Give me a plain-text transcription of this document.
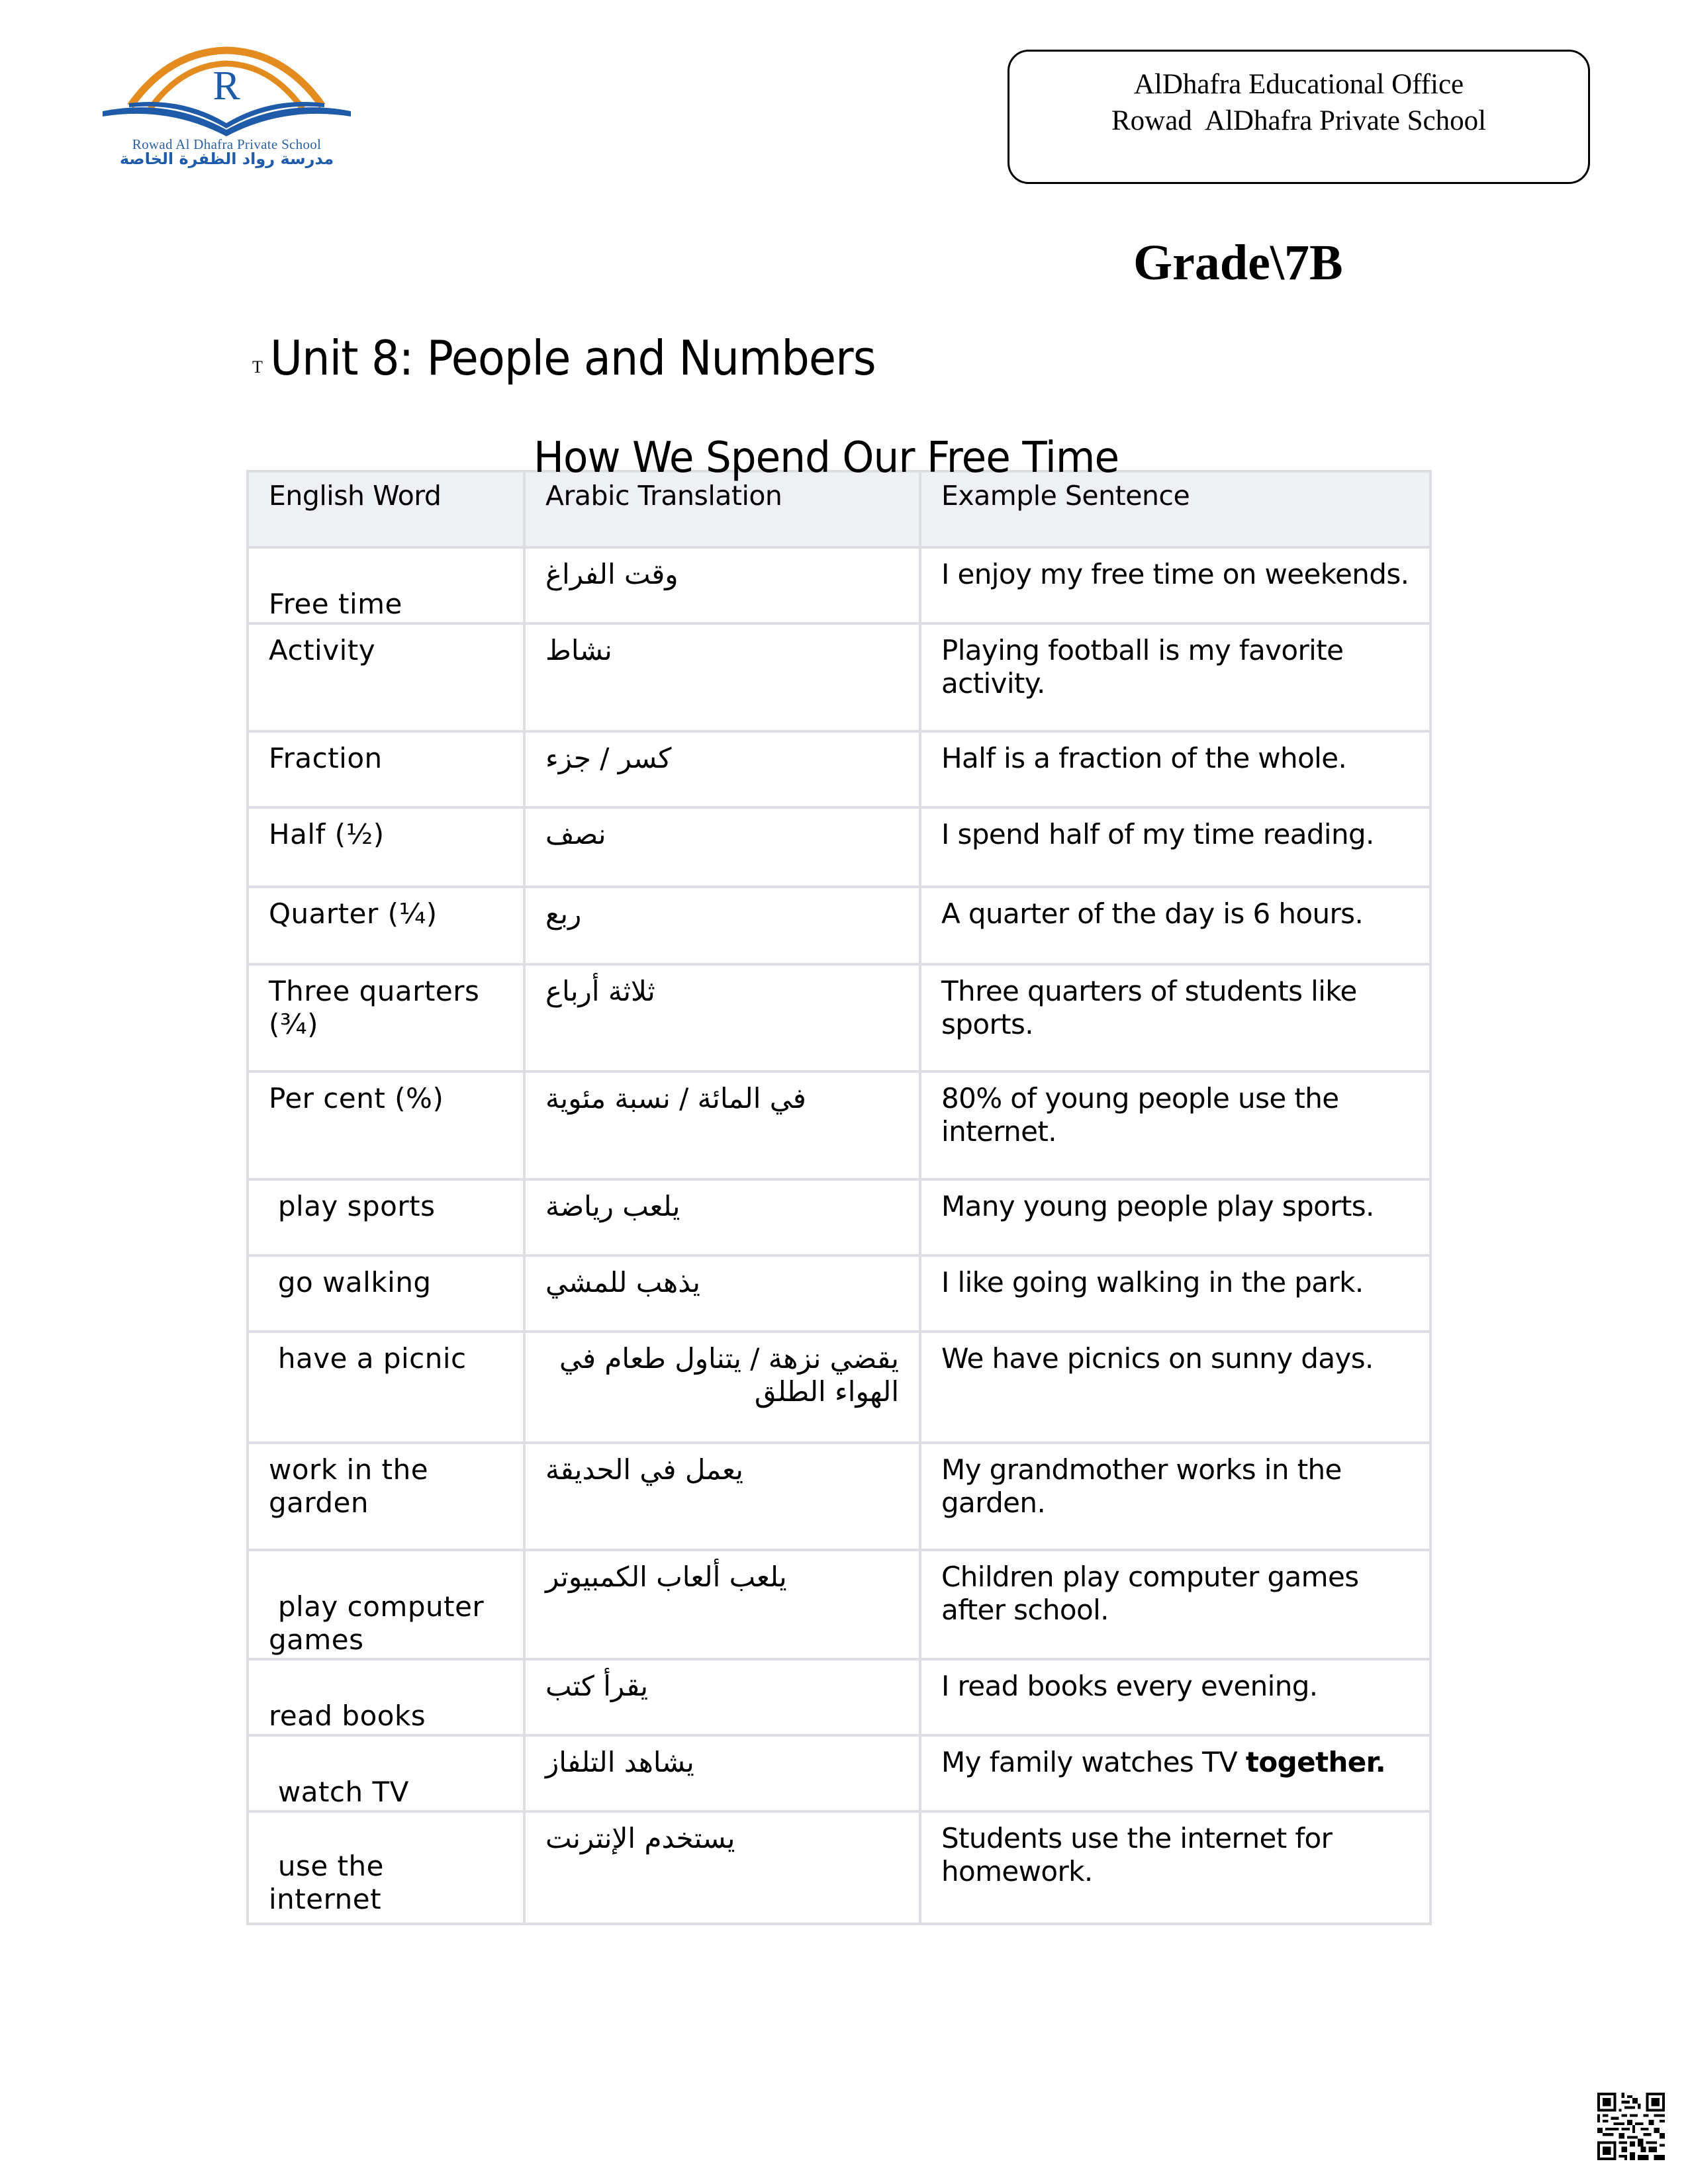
R
Rowad Al Dhafra Private School
مدرسة رواد الظفرة الخاصة
AlDhafra Educational Office
Rowad  AlDhafra Private School
Grade\7B
T Unit 8: People and Numbers
How We Spend Our Free Time
English Word	Arabic Translation	Example Sentence
Free time	وقت الفراغ	I enjoy my free time on weekends.
Activity	نشاط	Playing football is my favorite activity.
Fraction	كسر / جزء	Half is a fraction of the whole.
Half (½)	نصف	I spend half of my time reading.
Quarter (¼)	ربع	A quarter of the day is 6 hours.
Three quarters (¾)	ثلاثة أرباع	Three quarters of students like sports.
Per cent (%)	في المائة / نسبة مئوية	80% of young people use the internet.
play sports	يلعب رياضة	Many young people play sports.
go walking	يذهب للمشي	I like going walking in the park.
have a picnic	يقضي نزهة / يتناول طعام في الهواء الطلق	We have picnics on sunny days.
work in the garden	يعمل في الحديقة	My grandmother works in the garden.
play computer games	يلعب ألعاب الكمبيوتر	Children play computer games after school.
read books	يقرأ كتب	I read books every evening.
watch TV	يشاهد التلفاز	My family watches TV together.
use the internet	يستخدم الإنترنت	Students use the internet for homework.
